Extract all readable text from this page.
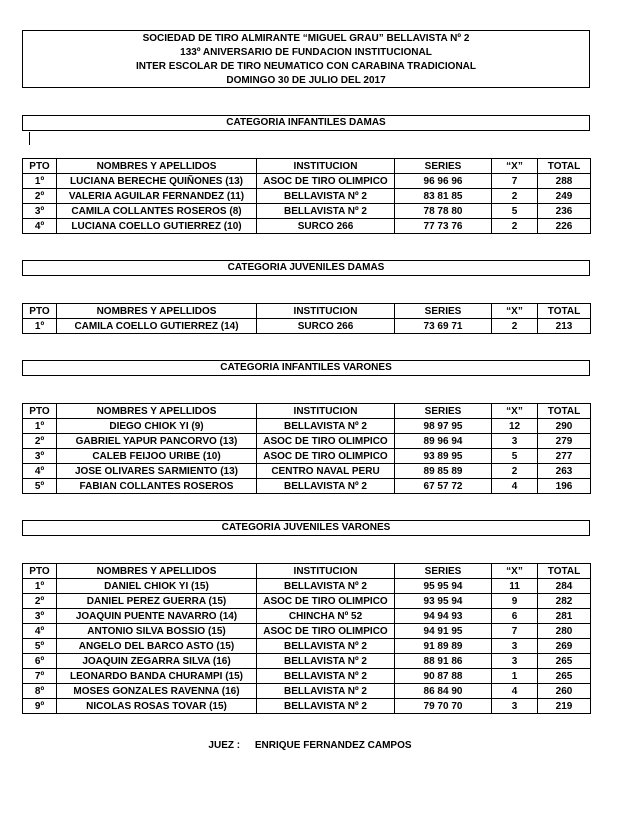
SOCIEDAD DE TIRO ALMIRANTE “MIGUEL GRAU” BELLAVISTA Nº 2
133º ANIVERSARIO DE FUNDACION INSTITUCIONAL
INTER ESCOLAR DE TIRO NEUMATICO CON CARABINA TRADICIONAL
DOMINGO 30 DE JULIO DEL 2017
CATEGORIA INFANTILES DAMAS
PTO	NOMBRES Y APELLIDOS	INSTITUCION	SERIES	“X”	TOTAL
1º	LUCIANA BERECHE QUIÑONES (13)	ASOC DE TIRO OLIMPICO	96 96 96	7	288
2º	VALERIA AGUILAR FERNANDEZ (11)	BELLAVISTA Nº 2	83 81 85	2	249
3º	CAMILA COLLANTES ROSEROS (8)	BELLAVISTA Nº 2	78 78 80	5	236
4º	LUCIANA COELLO GUTIERREZ (10)	SURCO 266	77 73 76	2	226
CATEGORIA JUVENILES DAMAS
PTO	NOMBRES Y APELLIDOS	INSTITUCION	SERIES	“X”	TOTAL
1º	CAMILA COELLO GUTIERREZ (14)	SURCO 266	73 69 71	2	213
CATEGORIA INFANTILES VARONES
PTO	NOMBRES Y APELLIDOS	INSTITUCION	SERIES	“X”	TOTAL
1º	DIEGO CHIOK YI (9)	BELLAVISTA Nº 2	98 97 95	12	290
2º	GABRIEL YAPUR PANCORVO (13)	ASOC DE TIRO OLIMPICO	89 96 94	3	279
3º	CALEB FEIJOO URIBE (10)	ASOC DE TIRO OLIMPICO	93 89 95	5	277
4º	JOSE OLIVARES SARMIENTO (13)	CENTRO NAVAL PERU	89 85 89	2	263
5º	FABIAN COLLANTES ROSEROS	BELLAVISTA Nº 2	67 57 72	4	196
CATEGORIA JUVENILES VARONES
PTO	NOMBRES Y APELLIDOS	INSTITUCION	SERIES	“X”	TOTAL
1º	DANIEL CHIOK YI (15)	BELLAVISTA Nº 2	95 95 94	11	284
2º	DANIEL PEREZ GUERRA (15)	ASOC DE TIRO OLIMPICO	93 95 94	9	282
3º	JOAQUIN PUENTE NAVARRO (14)	CHINCHA Nº 52	94 94 93	6	281
4º	ANTONIO SILVA BOSSIO (15)	ASOC DE TIRO OLIMPICO	94 91 95	7	280
5º	ANGELO DEL BARCO ASTO (15)	BELLAVISTA Nº 2	91 89 89	3	269
6º	JOAQUIN ZEGARRA SILVA (16)	BELLAVISTA Nº 2	88 91 86	3	265
7º	LEONARDO BANDA CHURAMPI (15)	BELLAVISTA Nº 2	90 87 88	1	265
8º	MOSES GONZALES RAVENNA (16)	BELLAVISTA Nº 2	86 84 90	4	260
9º	NICOLAS ROSAS TOVAR (15)	BELLAVISTA Nº 2	79 70 70	3	219
JUEZ : ENRIQUE FERNANDEZ CAMPOS
